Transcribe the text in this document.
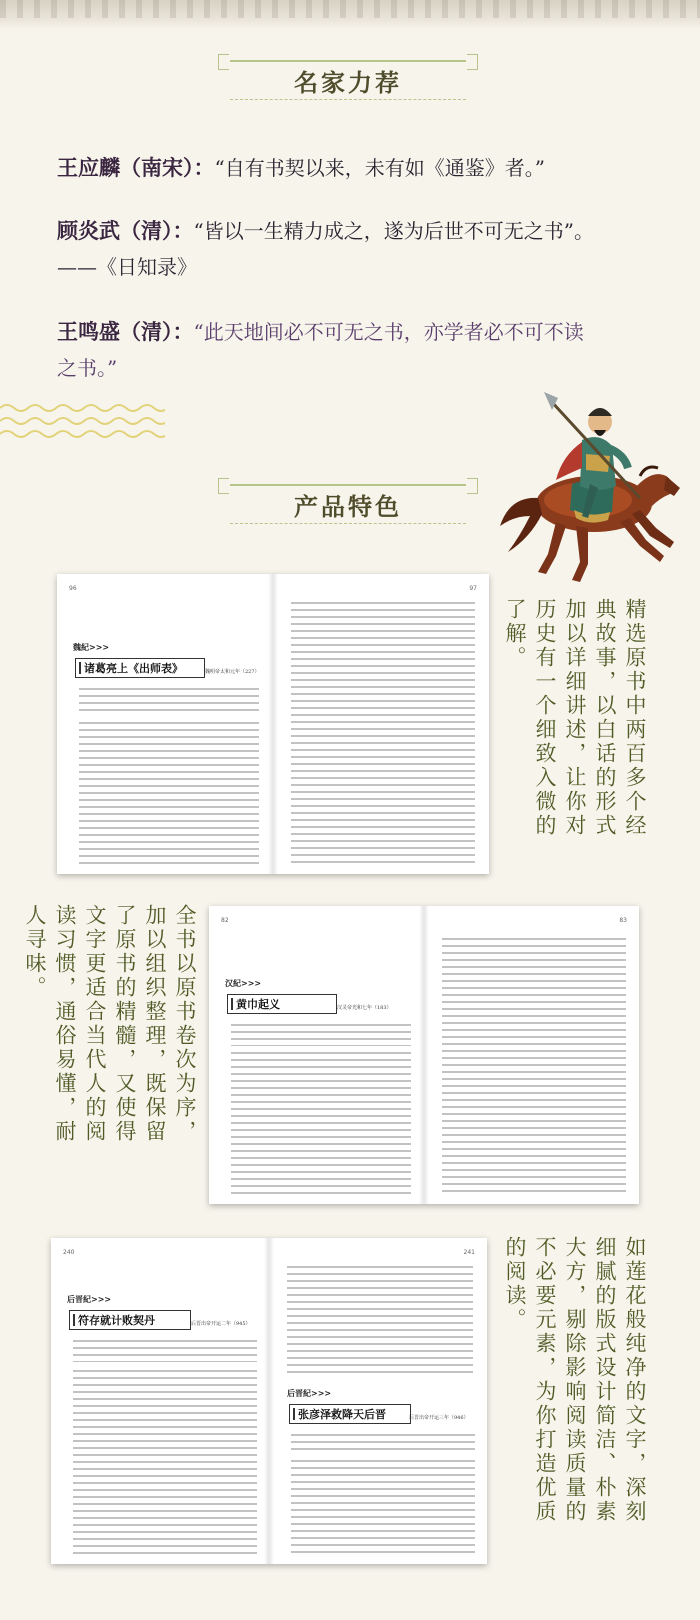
名家力荐
王应麟（南宋）：“自有书契以来，未有如《通鉴》者。”
顾炎武（清）：“皆以一生精力成之，遂为后世不可无之书”。——《日知录》
王鸣盛（清）：“此天地间必不可无之书，亦学者必不可不读之书。”
产品特色
96
魏紀>>>
诸葛亮上《出师表》	魏明帝太和元年（227）
97
精选原书中两百多个经典故事，以白话的形式加以详细讲述，让你对历史有一个细致入微的了解。
全书以原书卷次为序，加以组织整理，既保留了原书的精髓，又使得文字更适合当代人的阅读习惯，通俗易懂，耐人寻味。	82
汉紀>>>
黄巾起义	汉灵帝光和七年（183）
83
240
后晋紀>>>
符存就计败契丹	后晋出帝开运二年（945）
241
后晋紀>>>
张彦泽救降天后晋	后晋出帝开运三年（946）	如莲花般纯净的文字，深刻细腻的版式设计简洁、朴素大方，剔除影响阅读质量的不必要元素，为你打造优质的阅读。
